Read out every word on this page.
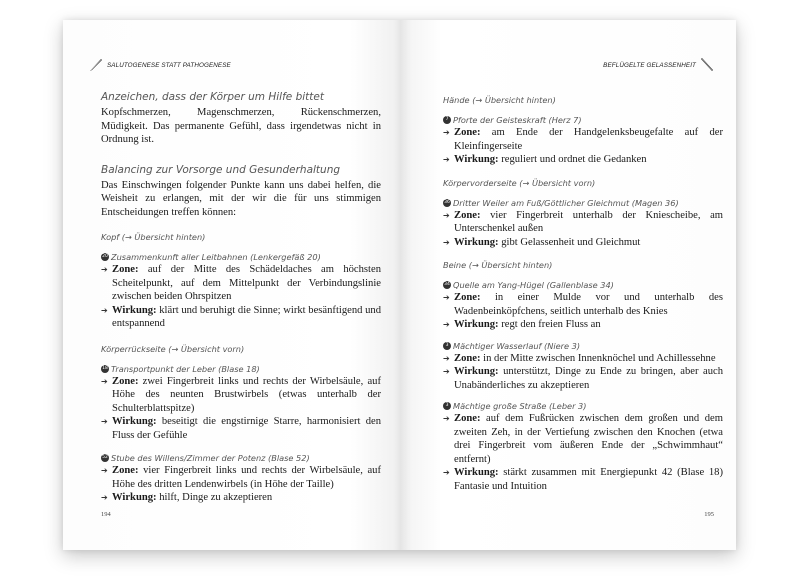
SALUTOGENESE STATT PATHOGENESE

Anzeichen, dass der Körper um Hilfe bittet

Kopfschmerzen, Magenschmerzen, Rückenschmerzen, Müdigkeit. Das permanente Gefühl, dass irgendetwas nicht in Ordnung ist.

Balancing zur Vorsorge und Gesunderhaltung

Das Einschwingen folgender Punkte kann uns dabei helfen, die Weisheit zu erlangen, mit der wir die für uns stimmigen Entscheidungen treffen können:

Kopf (→ Übersicht hinten)
20 Zusammenkunft aller Leitbahnen (Lenkergefäß 20)
➔ Zone: auf der Mitte des Schädeldaches am höchsten Scheitelpunkt, auf dem Mittelpunkt der Verbindungslinie zwischen beiden Ohrspitzen
➔ Wirkung: klärt und beruhigt die Sinne; wirkt besänftigend und entspannend
Körperrückseite (→ Übersicht vorn)
18 Transportpunkt der Leber (Blase 18)
➔ Zone: zwei Fingerbreit links und rechts der Wirbelsäule, auf Höhe des neunten Brustwirbels (etwas unterhalb der Schulterblattspitze)
➔ Wirkung: beseitigt die engstirnige Starre, harmonisiert den Fluss der Gefühle
52 Stube des Willens/Zimmer der Potenz (Blase 52)
➔ Zone: vier Fingerbreit links und rechts der Wirbelsäule, auf Höhe des dritten Lendenwirbels (in Höhe der Taille)
➔ Wirkung: hilft, Dinge zu akzeptieren
194
BEFLÜGELTE GELASSENHEIT
Hände (→ Übersicht hinten)
7 Pforte der Geisteskraft (Herz 7)
➔ Zone: am Ende der Handgelenksbeugefalte auf der Kleinfingerseite
➔ Wirkung: reguliert und ordnet die Gedanken
Körpervorderseite (→ Übersicht vorn)
36 Dritter Weiler am Fuß/Göttlicher Gleichmut (Magen 36)
➔ Zone: vier Fingerbreit unterhalb der Kniescheibe, am Unterschenkel außen
➔ Wirkung: gibt Gelassenheit und Gleichmut
Beine (→ Übersicht hinten)
34 Quelle am Yang-Hügel (Gallenblase 34)
➔ Zone: in einer Mulde vor und unterhalb des Wadenbeinköpfchens, seitlich unterhalb des Knies
➔ Wirkung: regt den freien Fluss an
3 Mächtiger Wasserlauf (Niere 3)
➔ Zone: in der Mitte zwischen Innenknöchel und Achillessehne
➔ Wirkung: unterstützt, Dinge zu Ende zu bringen, aber auch Unabänderliches zu akzeptieren
3 Mächtige große Straße (Leber 3)
➔ Zone: auf dem Fußrücken zwischen dem großen und dem zweiten Zeh, in der Vertiefung zwischen den Knochen (etwa drei Fingerbreit vom äußeren Ende der „Schwimmhaut“ entfernt)
➔ Wirkung: stärkt zusammen mit Energiepunkt 42 (Blase 18) Fantasie und Intuition
195
